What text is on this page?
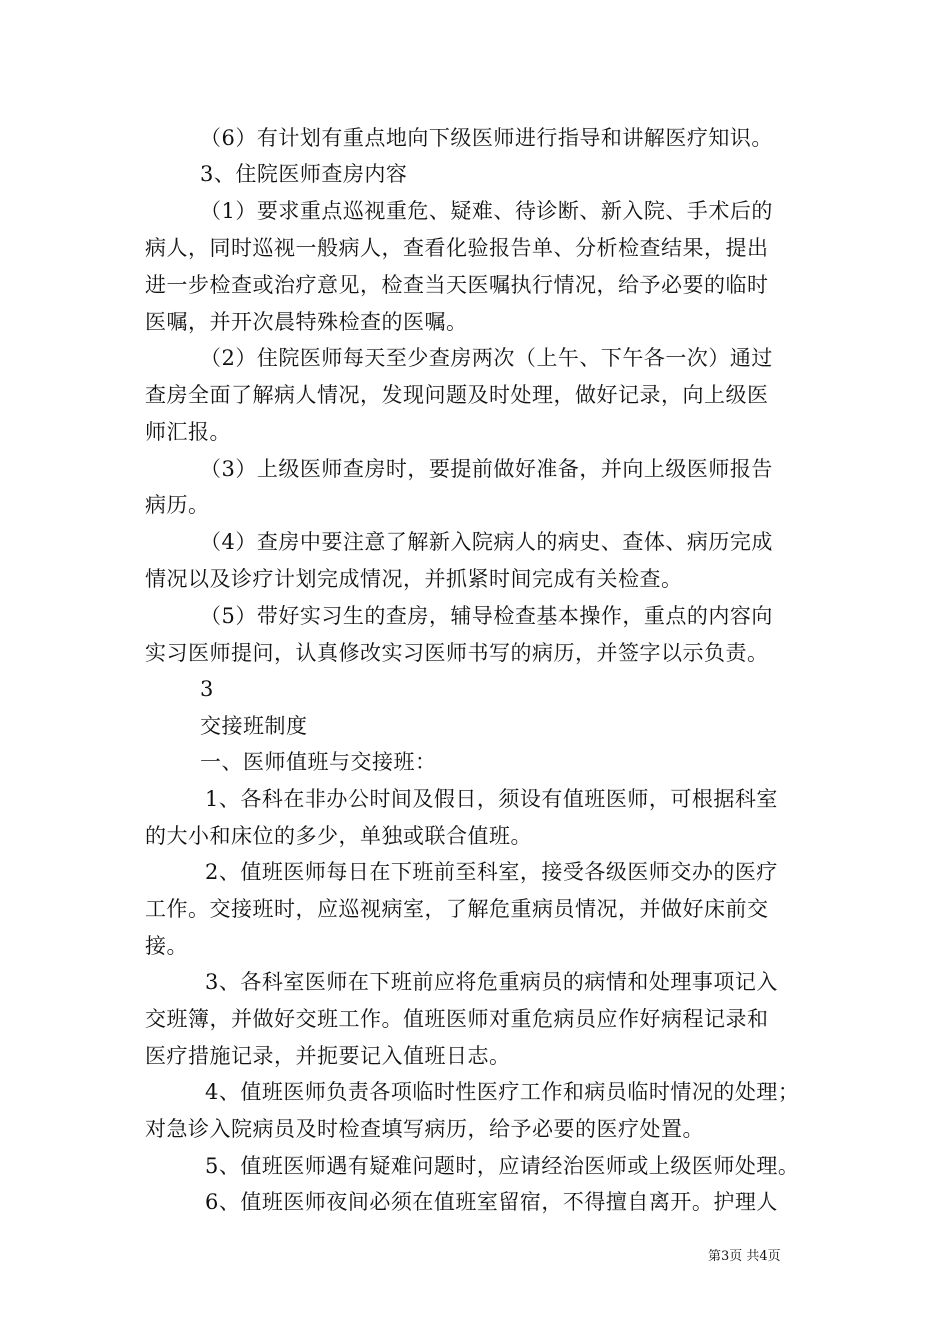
（6）有计划有重点地向下级医师进行指导和讲解医疗知识。
3、住院医师查房内容
（1）要求重点巡视重危、疑难、待诊断、新入院、手术后的
病人，同时巡视一般病人，查看化验报告单、分析检查结果，提出
进一步检查或治疗意见，检查当天医嘱执行情况，给予必要的临时
医嘱，并开次晨特殊检查的医嘱。
（2）住院医师每天至少查房两次（上午、下午各一次）通过
查房全面了解病人情况，发现问题及时处理，做好记录，向上级医
师汇报。
（3）上级医师查房时，要提前做好准备，并向上级医师报告
病历。
（4）查房中要注意了解新入院病人的病史、查体、病历完成
情况以及诊疗计划完成情况，并抓紧时间完成有关检查。
（5）带好实习生的查房，辅导检查基本操作，重点的内容向
实习医师提问，认真修改实习医师书写的病历，并签字以示负责。
3
交接班制度
一、医师值班与交接班：
1、各科在非办公时间及假日，须设有值班医师，可根据科室
的大小和床位的多少，单独或联合值班。
2、值班医师每日在下班前至科室，接受各级医师交办的医疗
工作。交接班时，应巡视病室，了解危重病员情况，并做好床前交
接。
3、各科室医师在下班前应将危重病员的病情和处理事项记入
交班簿，并做好交班工作。值班医师对重危病员应作好病程记录和
医疗措施记录，并扼要记入值班日志。
4、值班医师负责各项临时性医疗工作和病员临时情况的处理；
对急诊入院病员及时检查填写病历，给予必要的医疗处置。
5、值班医师遇有疑难问题时，应请经治医师或上级医师处理。
6、值班医师夜间必须在值班室留宿，不得擅自离开。护理人
第3页 共4页
